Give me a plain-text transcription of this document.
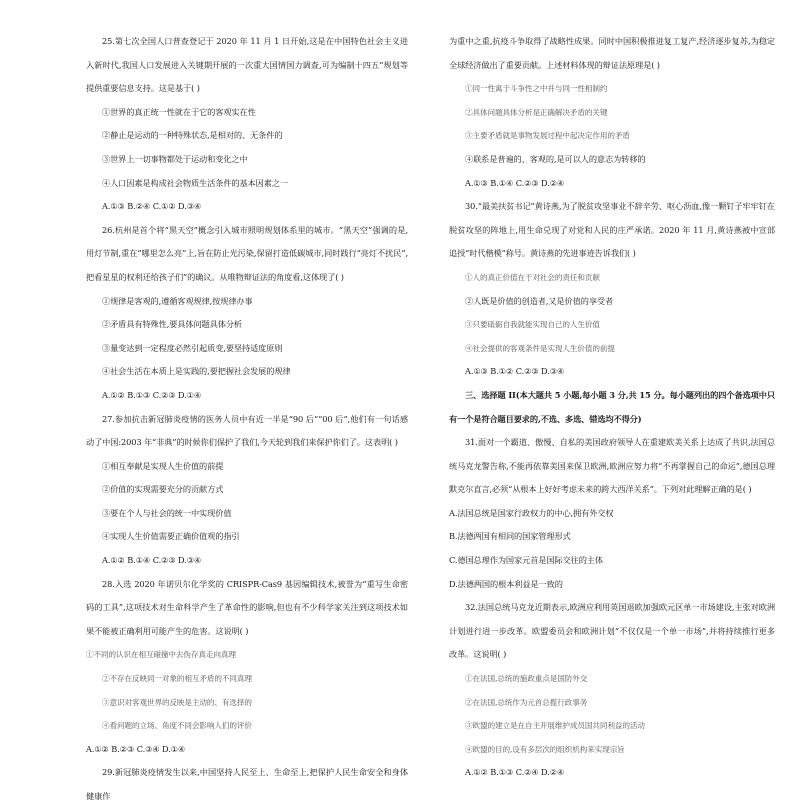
25.第七次全国人口普查登记于 2020 年 11 月 1 日开始,这是在中国特色社会主义进入新时代,我国人口发展进入关键期开展的一次重大国情国力调查,可为编制十四五”规划等提供重要信息支持。这是基于( )

①世界的真正统一性就在于它的客观实在性

②静止是运动的一种特殊状态,是相对的、无条件的

③世界上一切事物都处于运动和变化之中

④人口因素是构成社会物质生活条件的基本因素之一

A.①③ B.②④ C.①② D.③④

26.杭州是首个将“黑天空”概念引入城市照明规划体系里的城市。“黑天空”强调的是,用灯节制,重在“哪里怎么亮”上,旨在防止光污染,保留打造低碳城市,同时践行“亮灯不扰民”,把看星星的权利还给孩子们”的确议。从唯物辩证法的角度看,这体现了( )

①规律是客观的,遵循客观规律,按规律办事

②矛盾具有特殊性,要具体问题具体分析

③量变达到一定程度必然引起质变,要坚持适度原则

④社会生活在本质上是实践的,要把握社会发展的规律

A.①② B.①③ C.②③ D.①④

27.参加抗击新冠肺炎疫情的医务人员中有近一半是“90 后”“00 后”,他们有一句话感动了中国:2003 年“非典”的时候你们保护了我们,今天轮到我们来保护你们了。这表明( )

①相互奉献是实现人生价值的前提

②价值的实现需要充分的贡献方式

③要在个人与社会的统一中实现价值

④实现人生价值需要正确价值观的指引

A.①② B.①④ C.②③ D.③④

28.入选 2020 年诺贝尔化学奖的 CRISPR-Cas9 基因编辑技术,被誉为“重写生命密码的工具”,这项技术对生命科学产生了革命性的影响,但也有不少科学家关注到这项技术如果不能被正确利用可能产生的危害。这说明( )

①不同的认识在相互碰撞中去伪存真走向真理

②不存在反映同一对象的相互矛盾的不同真理

③意识对客观世界的反映是主动的、有选择的

④看问题的立场、角度不同会影响人们的评价

A.①② B.②③ C.③④ D.①④

29.新冠肺炎疫情发生以来,中国坚持人民至上、生命至上,把保护人民生命安全和身体健康作

为重中之重,抗疫斗争取得了战略性成果。同时中国积极推进复工复产,经济逐步复苏,为稳定全球经济做出了重要贡献。上述材料体现的辩证法原理是( )

①同一性寓于斗争性之中并与同一性相制约

②具体问题具体分析是正确解决矛盾的关键

③主要矛盾就是事物发展过程中起决定作用的矛盾

④联系是普遍的、客观的,是可以人的意志为转移的

A.①③ B.①④ C.②③ D.②④

30.“最美扶贫书记”黄诗燕,为了脱贫攻坚事业不辞辛劳、呕心沥血,像一颗钉子牢牢钉在脱贫攻坚的阵地上,用生命兑现了对党和人民的庄严承诺。2020 年 11 月,黄诗燕被中宣部追授“时代楷模”称号。黄诗燕的先进事迹告诉我们( )

①人的真正价值在于对社会的责任和贡献

②人既是价值的创造者,又是价值的享受者

③只要砥砺自我就能实现自己的人生价值

④社会提供的客观条件是实现人生价值的前提

A.①③ B.①② C.②③ D.③④

三、选择题 II(本大题共 5 小题,每小题 3 分,共 15 分。每小题列出的四个备选项中只有一个是符合题目要求的,不选、多选、错选均不得分)

31.面对一个霸道、傲慢、自私的美国政府领导人在重建欧美关系上达成了共识,法国总统马克龙警告称,不能再依靠美国来保卫欧洲,欧洲应努力将“不再掌握自己的命运”,德国总理默克尔直言,必须“从根本上好好考虑未来的跨大西洋关系”。下列对此理解正确的是( )

A.法国总统是国家行政权力的中心,拥有外交权

B.法德两国有相同的国家管理形式

C.德国总理作为国家元首是国际交往的主体

D.法德两国的根本利益是一致的

32.法国总统马克龙近期表示,欧洲应利用英国退欧加强欧元区单一市场建设,主张对欧洲计划进行进一步改革。欧盟委员会和欧洲计划“不仅仅是一个单一市场”,并将持续推行更多改革。这说明( )

①在法国,总统的施政重点是国防外交

②在法国,总统作为元首总揽行政事务

③欧盟的建立是在自主开展维护成员国共同利益的活动

④欧盟的目的,设有多层次的组织机构来实现宗旨

A.①② B.①③ C.②④ D.②④
